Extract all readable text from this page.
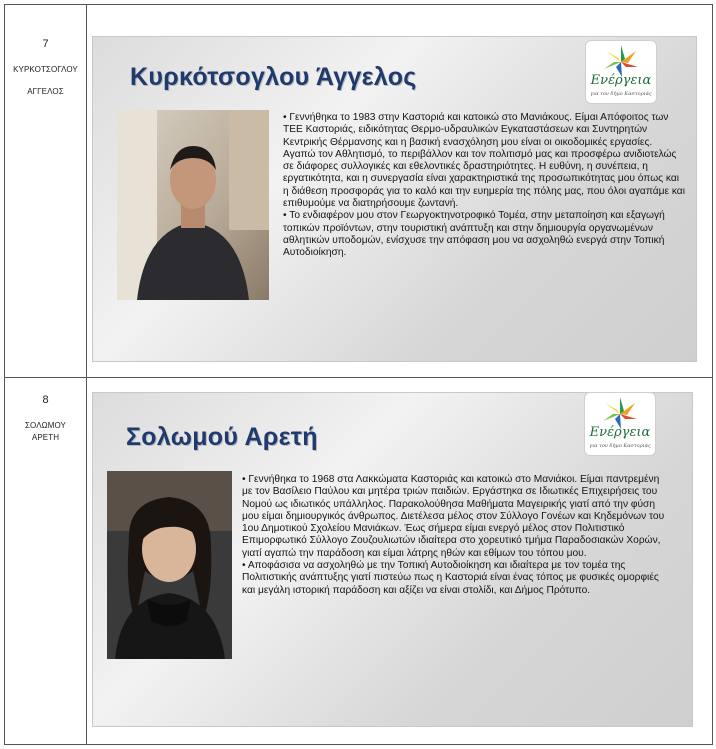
7
ΚΥΡΚΟΤΣΟΓΛΟΥ
ΑΓΓΕΛΟΣ
8
ΣΟΛΩΜΟΥ
ΑΡΕΤΗ
Κυρκότσογλου Άγγελος	Ενέργεια
για τον δήμο Καστοριάς

• Γεννήθηκα το 1983 στην Καστοριά και κατοικώ στο Μανιάκους. Είμαι Απόφοιτος των ΤΕΕ Καστοριάς, ειδικότητας Θερμο-υδραυλικών Εγκαταστάσεων και Συντηρητών Κεντρικής Θέρμανσης και η βασική ενασχόληση μου είναι οι οικοδομικές εργασίες. Αγαπώ τον Αθλητισμό, το περιβάλλον και τον πολιτισμό μας και προσφέρω ανιδιοτελώς σε διάφορες συλλογικές και εθελοντικές δραστηριότητες. Η ευθύνη, η συνέπεια, η εργατικότητα, και η συνεργασία είναι χαρακτηριστικά της προσωπικότητας μου όπως και η διάθεση προσφοράς για το καλό και την ευημερία της πόλης μας, που όλοι αγαπάμε και επιθυμούμε να διατηρήσουμε ζωντανή.

• Το ενδιαφέρον μου στον Γεωργοκτηνοτροφικό Τομέα, στην μεταποίηση και εξαγωγή τοπικών προϊόντων, στην τουριστική ανάπτυξη και στην δημιουργία οργανωμένων αθλητικών υποδομών, ενίσχυσε την απόφαση μου να ασχοληθώ ενεργά στην Τοπική Αυτοδιοίκηση.

Σολωμού Αρετή	Ενέργεια
για τον δήμο Καστοριάς

• Γεννήθηκα το 1968 στα Λακκώματα Καστοριάς και κατοικώ στο Μανιάκοι. Είμαι παντρεμένη με τον Βασίλειο Παύλου και μητέρα τριών παιδιών. Εργάστηκα σε Ιδιωτικές Επιχειρήσεις του Νομού ως ιδιωτικός υπάλληλος. Παρακολούθησα Μαθήματα Μαγειρικής γιατί από την φύση μου είμαι δημιουργικός άνθρωπος. Διετέλεσα μέλος στον Σύλλογο Γονέων και Κηδεμόνων του 1ου Δημοτικού Σχολείου Μανιάκων. Έως σήμερα είμαι ενεργό μέλος στον Πολιτιστικό Επιμορφωτικό Σύλλογο Ζουζουλιωτών ιδιαίτερα στο χορευτικό τμήμα Παραδοσιακών Χορών, γιατί αγαπώ την παράδοση και είμαι λάτρης ηθών και εθίμων του τόπου μου.

• Αποφάσισα να ασχοληθώ με την Τοπική Αυτοδιοίκηση και ιδιαίτερα με τον τομέα της Πολιτιστικής ανάπτυξης γιατί πιστεύω πως η Καστοριά είναι ένας τόπος με φυσικές ομορφιές και μεγάλη ιστορική παράδοση και αξίζει να είναι στολίδι, και Δήμος Πρότυπο.
